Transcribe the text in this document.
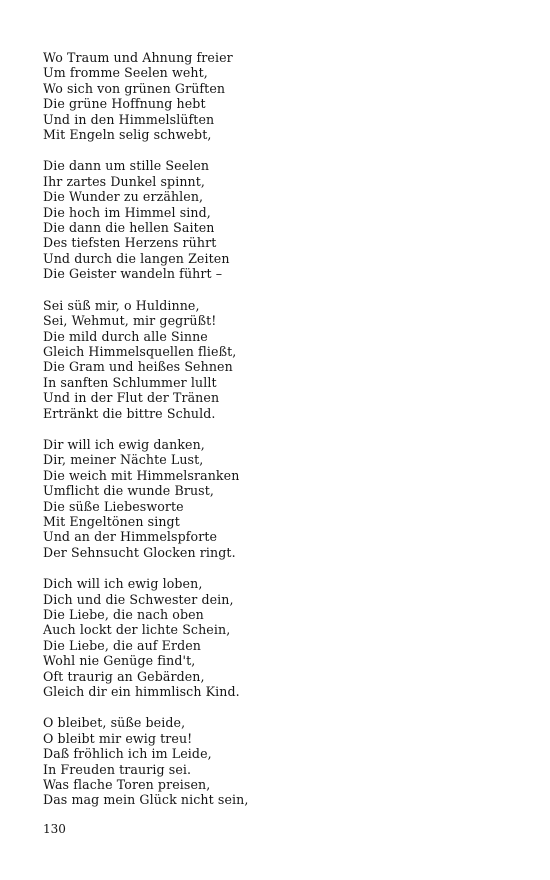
Wo Traum und Ahnung freier
Um fromme Seelen weht,
Wo sich von grünen Grüften
Die grüne Hoffnung hebt
Und in den Himmelslüften
Mit Engeln selig schwebt,
Die dann um stille Seelen
Ihr zartes Dunkel spinnt,
Die Wunder zu erzählen,
Die hoch im Himmel sind,
Die dann die hellen Saiten
Des tiefsten Herzens rührt
Und durch die langen Zeiten
Die Geister wandeln führt –
Sei süß mir, o Huldinne,
Sei, Wehmut, mir gegrüßt!
Die mild durch alle Sinne
Gleich Himmelsquellen fließt,
Die Gram und heißes Sehnen
In sanften Schlummer lullt
Und in der Flut der Tränen
Ertränkt die bittre Schuld.
Dir will ich ewig danken,
Dir, meiner Nächte Lust,
Die weich mit Himmelsranken
Umflicht die wunde Brust,
Die süße Liebesworte
Mit Engeltönen singt
Und an der Himmelspforte
Der Sehnsucht Glocken ringt.
Dich will ich ewig loben,
Dich und die Schwester dein,
Die Liebe, die nach oben
Auch lockt der lichte Schein,
Die Liebe, die auf Erden
Wohl nie Genüge find't,
Oft traurig an Gebärden,
Gleich dir ein himmlisch Kind.
O bleibet, süße beide,
O bleibt mir ewig treu!
Daß fröhlich ich im Leide,
In Freuden traurig sei.
Was flache Toren preisen,
Das mag mein Glück nicht sein,
130
